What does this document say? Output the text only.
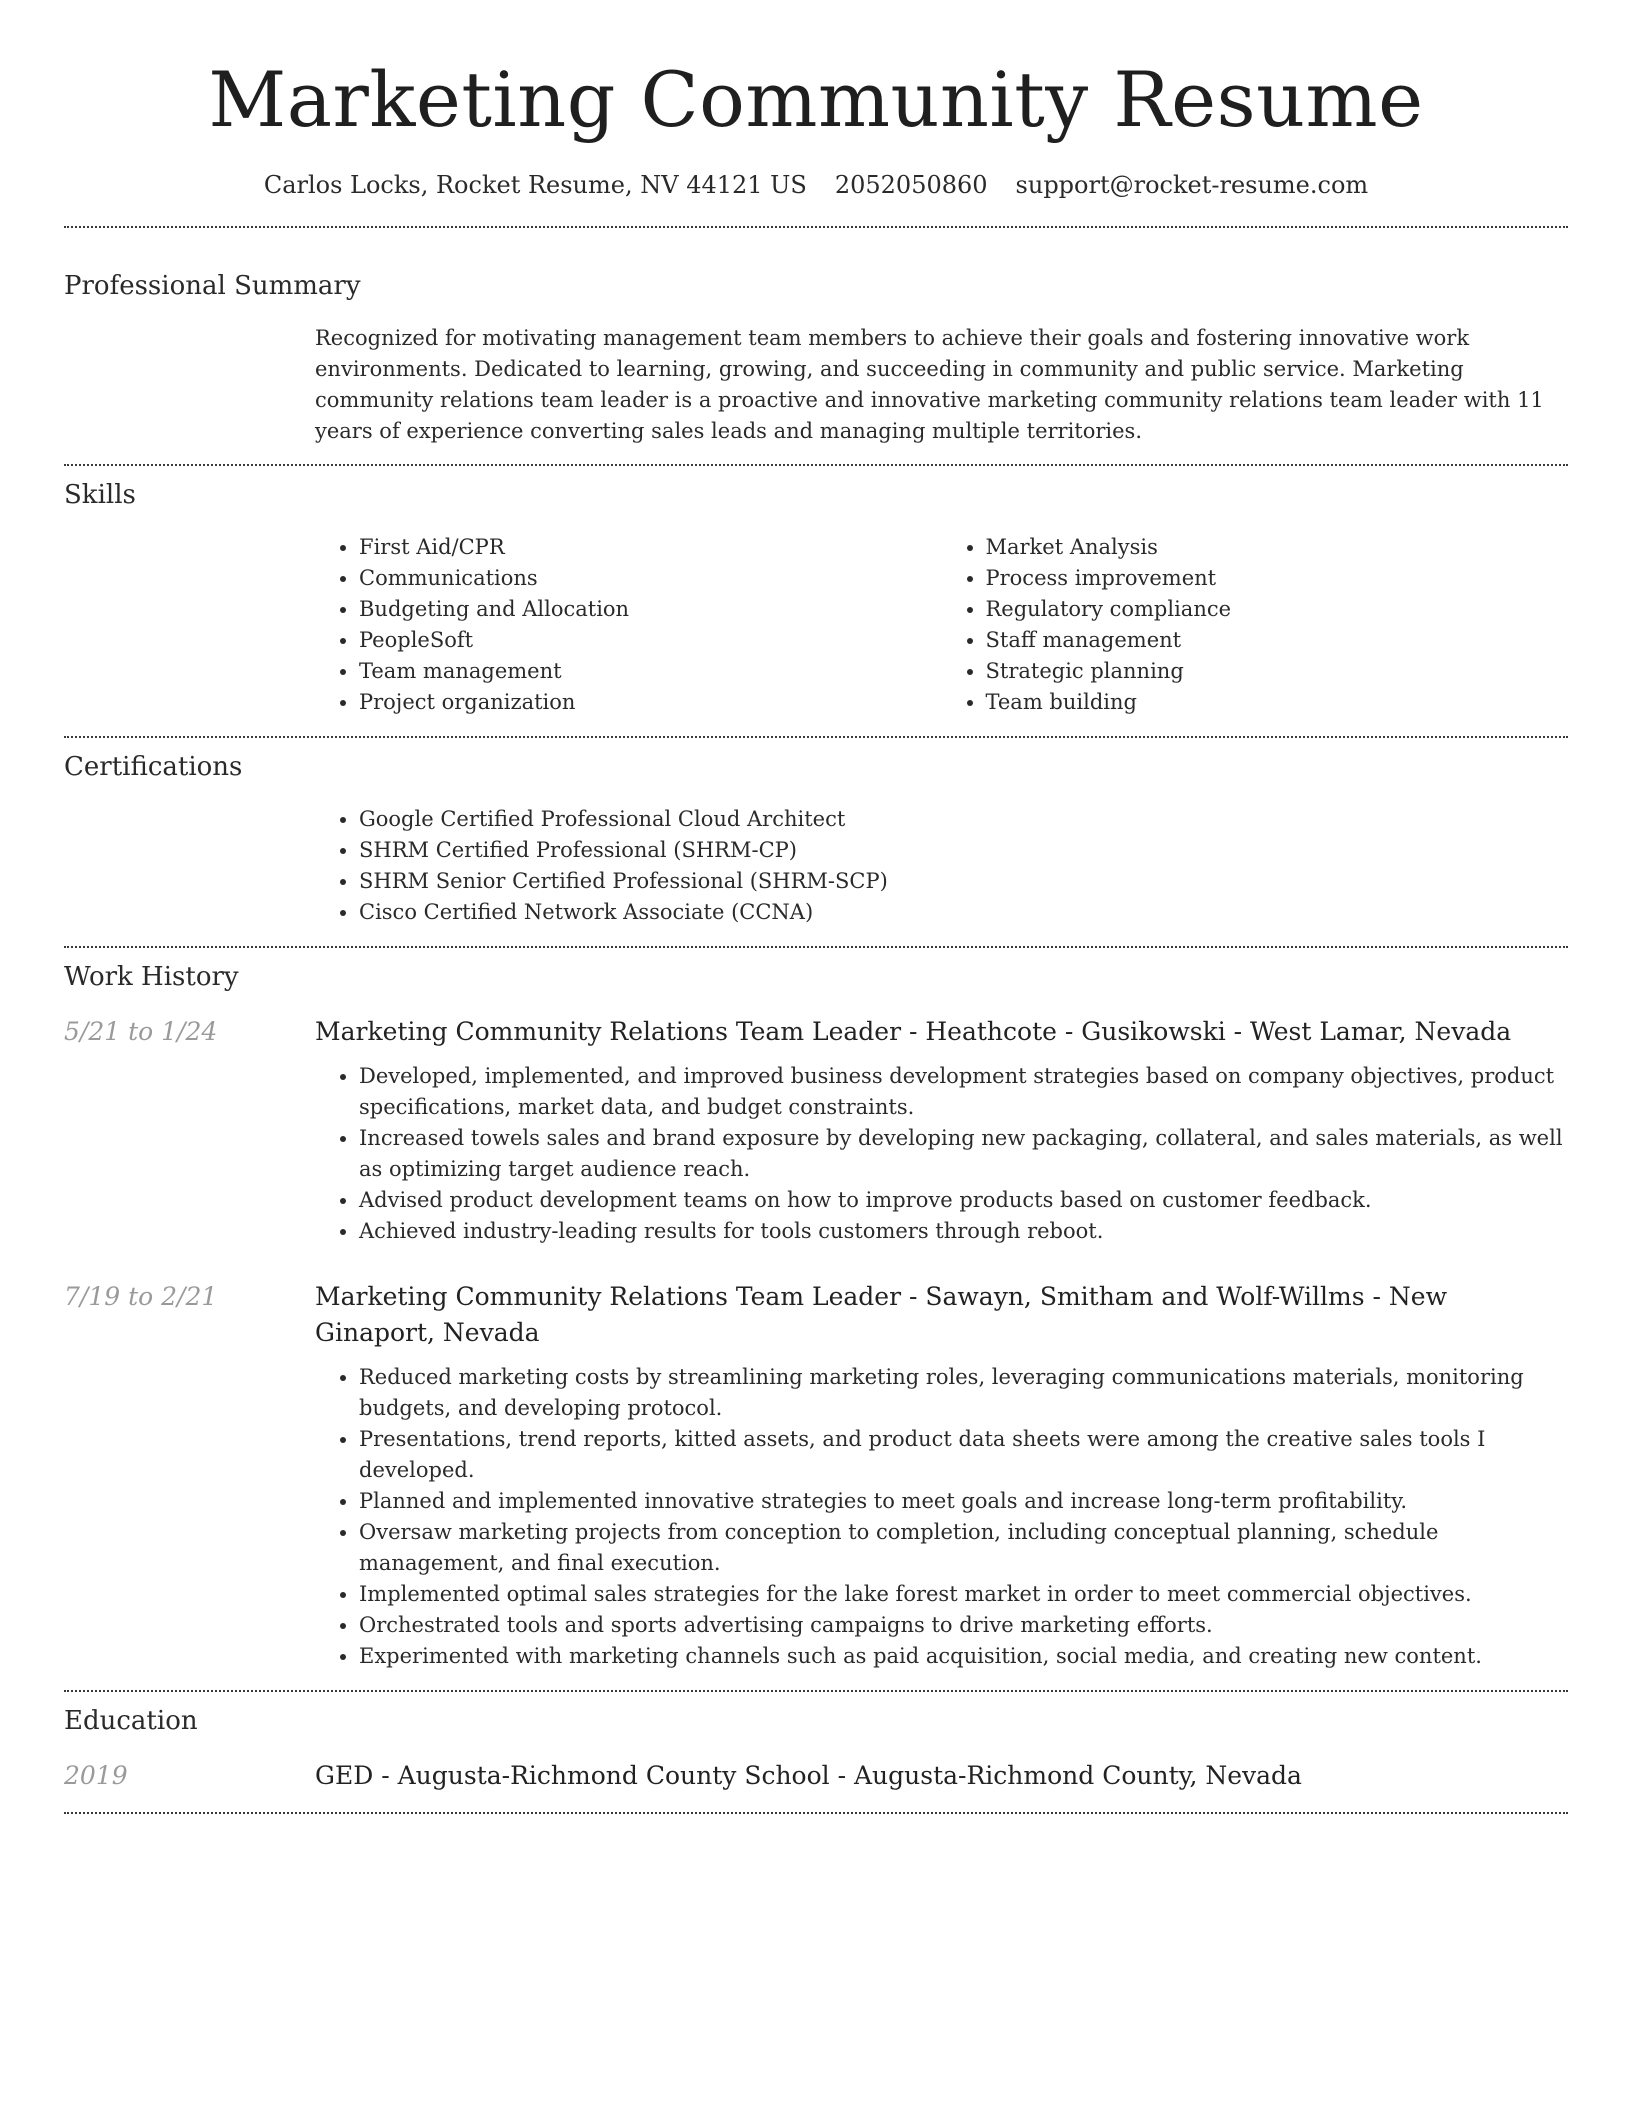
Marketing Community Resume
Carlos Locks, Rocket Resume, NV 44121 US 2052050860 support@rocket-resume.com
Professional Summary
Recognized for motivating management team members to achieve their goals and fostering innovative work environments. Dedicated to learning, growing, and succeeding in community and public service. Marketing community relations team leader is a proactive and innovative marketing community relations team leader with 11 years of experience converting sales leads and managing multiple territories.
Skills
• First Aid/CPR
• Communications
• Budgeting and Allocation
• PeopleSoft
• Team management
• Project organization
• Market Analysis
• Process improvement
• Regulatory compliance
• Staff management
• Strategic planning
• Team building
Certifications
• Google Certified Professional Cloud Architect
• SHRM Certified Professional (SHRM-CP)
• SHRM Senior Certified Professional (SHRM-SCP)
• Cisco Certified Network Associate (CCNA)
Work History
5/21 to 1/24	Marketing Community Relations Team Leader - Heathcote - Gusikowski - West Lamar, Nevada
• Developed, implemented, and improved business development strategies based on company objectives, product specifications, market data, and budget constraints.
• Increased towels sales and brand exposure by developing new packaging, collateral, and sales materials, as well as optimizing target audience reach.
• Advised product development teams on how to improve products based on customer feedback.
• Achieved industry-leading results for tools customers through reboot.
7/19 to 2/21	Marketing Community Relations Team Leader - Sawayn, Smitham and Wolf-Willms - New Ginaport, Nevada
• Reduced marketing costs by streamlining marketing roles, leveraging communications materials, monitoring budgets, and developing protocol.
• Presentations, trend reports, kitted assets, and product data sheets were among the creative sales tools I developed.
• Planned and implemented innovative strategies to meet goals and increase long-term profitability.
• Oversaw marketing projects from conception to completion, including conceptual planning, schedule management, and final execution.
• Implemented optimal sales strategies for the lake forest market in order to meet commercial objectives.
• Orchestrated tools and sports advertising campaigns to drive marketing efforts.
• Experimented with marketing channels such as paid acquisition, social media, and creating new content.
Education
2019	GED - Augusta-Richmond County School - Augusta-Richmond County, Nevada
